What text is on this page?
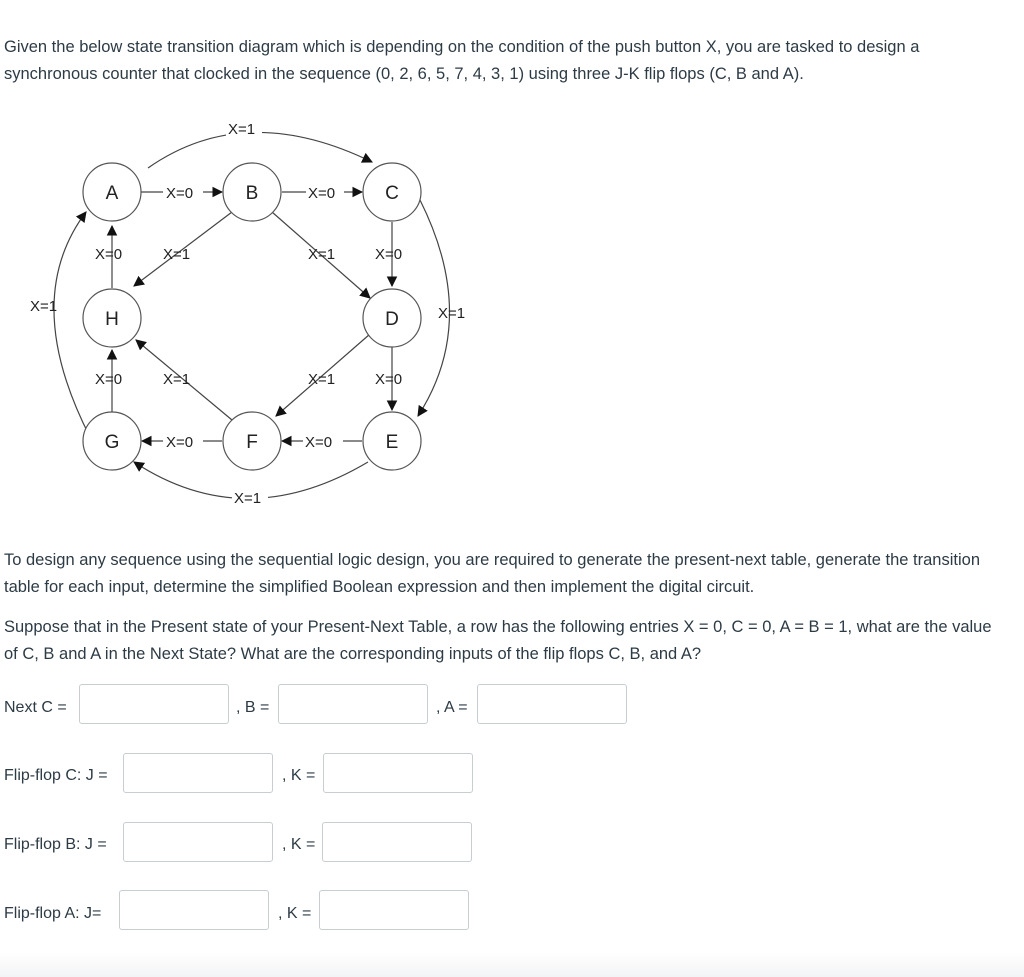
Given the below state transition diagram which is depending on the condition of the push button X, you are tasked to design a synchronous counter that clocked in the sequence (0, 2, 6, 5, 7, 4, 3, 1) using three J-K flip flops (C, B and A).

A	B	C
D
E
F
G
H
X=1
X=0	X=0
X=0	X=1	X=1	X=0
X=1	X=1
X=0	X=1	X=1	X=0
X=0	X=0
X=1

To design any sequence using the sequential logic design, you are required to generate the present-next table, generate the transition table for each input, determine the simplified Boolean expression and then implement the digital circuit.

Suppose that in the Present state of your Present-Next Table, a row has the following entries X = 0, C = 0, A = B = 1, what are the value of C, B and A in the Next State? What are the corresponding inputs of the flip flops C, B, and A?

Next C =	, B =	, A =
Flip-flop C: J =	, K =
Flip-flop B: J =	, K =
Flip-flop A: J=	, K =
